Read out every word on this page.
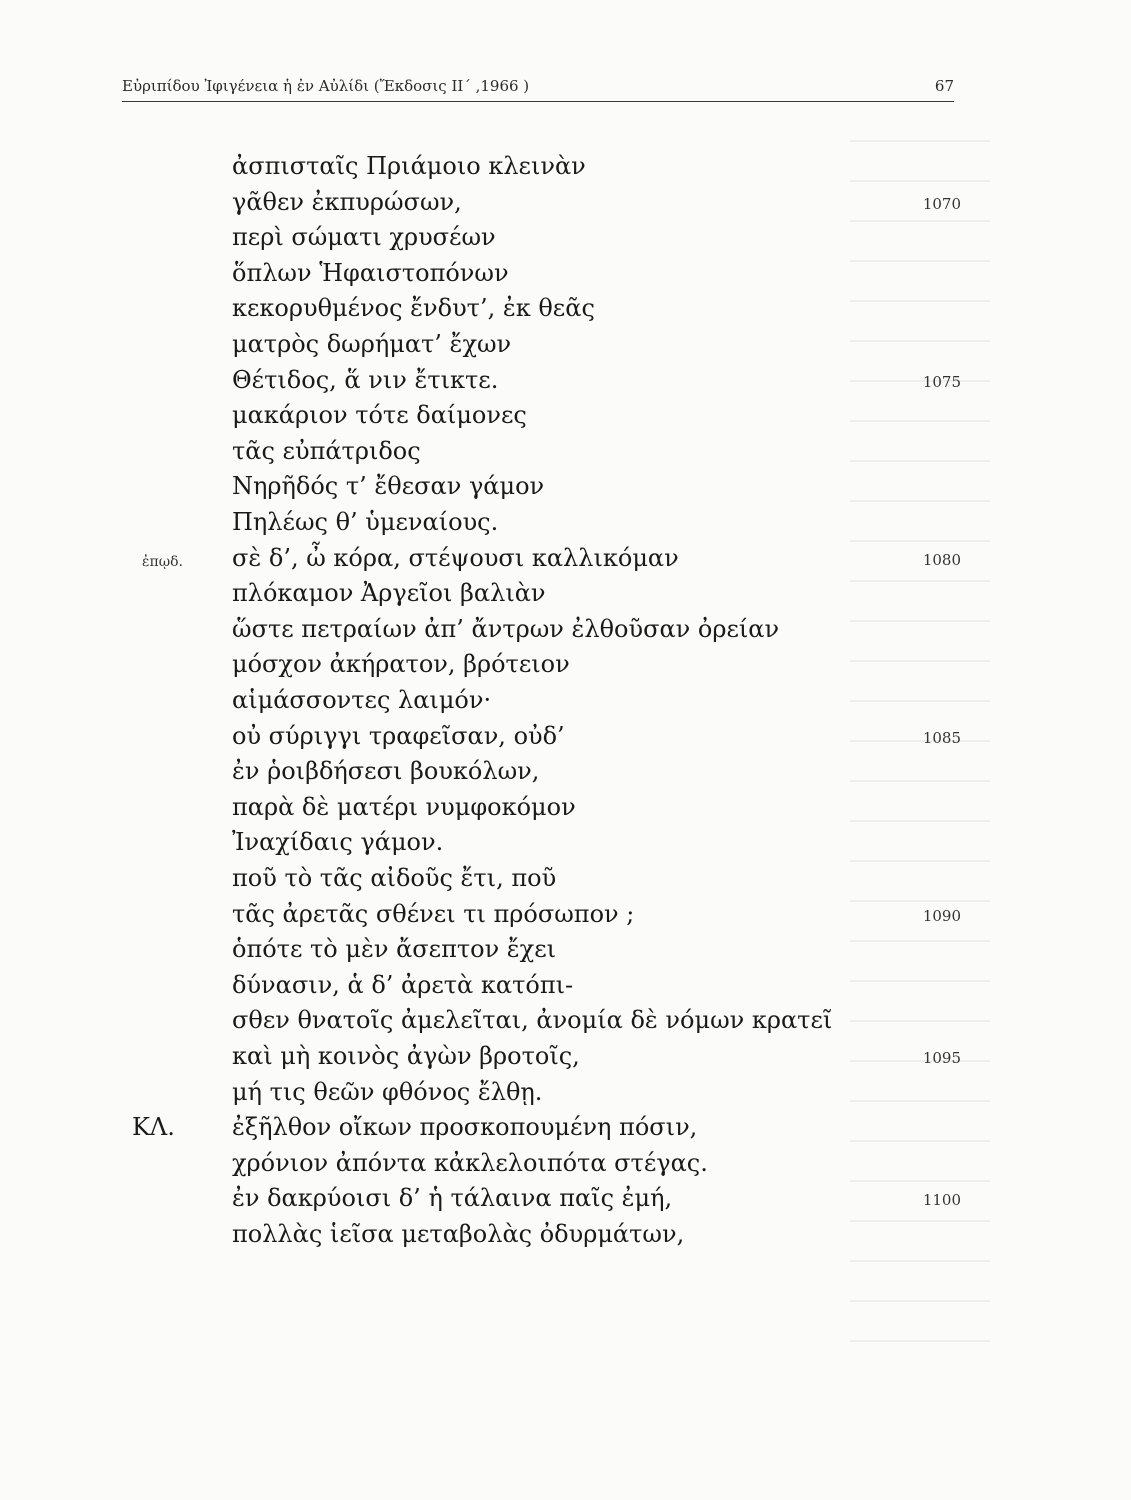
Εὐριπίδου Ἰφιγένεια ἡ ἐν Αὐλίδι (Ἔκδοσις ΙΙ΄ ,1966 )	67
ἀσπισταῖς Πριάμοιο κλεινὰν
γᾶθεν ἐκπυρώσων,	1070
περὶ σώματι χρυσέων
ὅπλων Ἡφαιστοπόνων
κεκορυθμένος ἔνδυτ’, ἐκ θεᾶς
ματρὸς δωρήματ’ ἔχων
Θέτιδος, ἅ νιν ἔτικτε.	1075
μακάριον τότε δαίμονες
τᾶς εὐπάτριδος
Νηρῆδός τ’ ἔθεσαν γάμον
Πηλέως θ’ ὑμεναίους.
σὲ δ’, ὦ κόρα, στέψουσι καλλικόμαν	1080
ἐπῳδ.
πλόκαμον Ἀργεῖοι βαλιὰν
ὥστε πετραίων ἀπ’ ἄντρων ἐλθοῦσαν ὀρείαν
μόσχον ἀκήρατον, βρότειον
αἱμάσσοντες λαιμόν·
οὐ σύριγγι τραφεῖσαν, οὐδ’	1085
ἐν ῥοιβδήσεσι βουκόλων,
παρὰ δὲ ματέρι νυμφοκόμον
Ἰναχίδαις γάμον.
ποῦ τὸ τᾶς αἰδοῦς ἔτι, ποῦ
τᾶς ἀρετᾶς σθένει τι πρόσωπον ;	1090
ὁπότε τὸ μὲν ἄσεπτον ἔχει
δύνασιν, ἁ δ’ ἀρετὰ κατόπι-
σθεν θνατοῖς ἀμελεῖται, ἀνομία δὲ νόμων κρατεῖ
καὶ μὴ κοινὸς ἀγὼν βροτοῖς,	1095
μή τις θεῶν φθόνος ἔλθῃ.
ἐξῆλθον οἴκων προσκοπουμένη πόσιν,
ΚΛ.
χρόνιον ἀπόντα κἀκλελοιπότα στέγας.
ἐν δακρύοισι δ’ ἡ τάλαινα παῖς ἐμή,	1100
πολλὰς ἱεῖσα μεταβολὰς ὀδυρμάτων,
